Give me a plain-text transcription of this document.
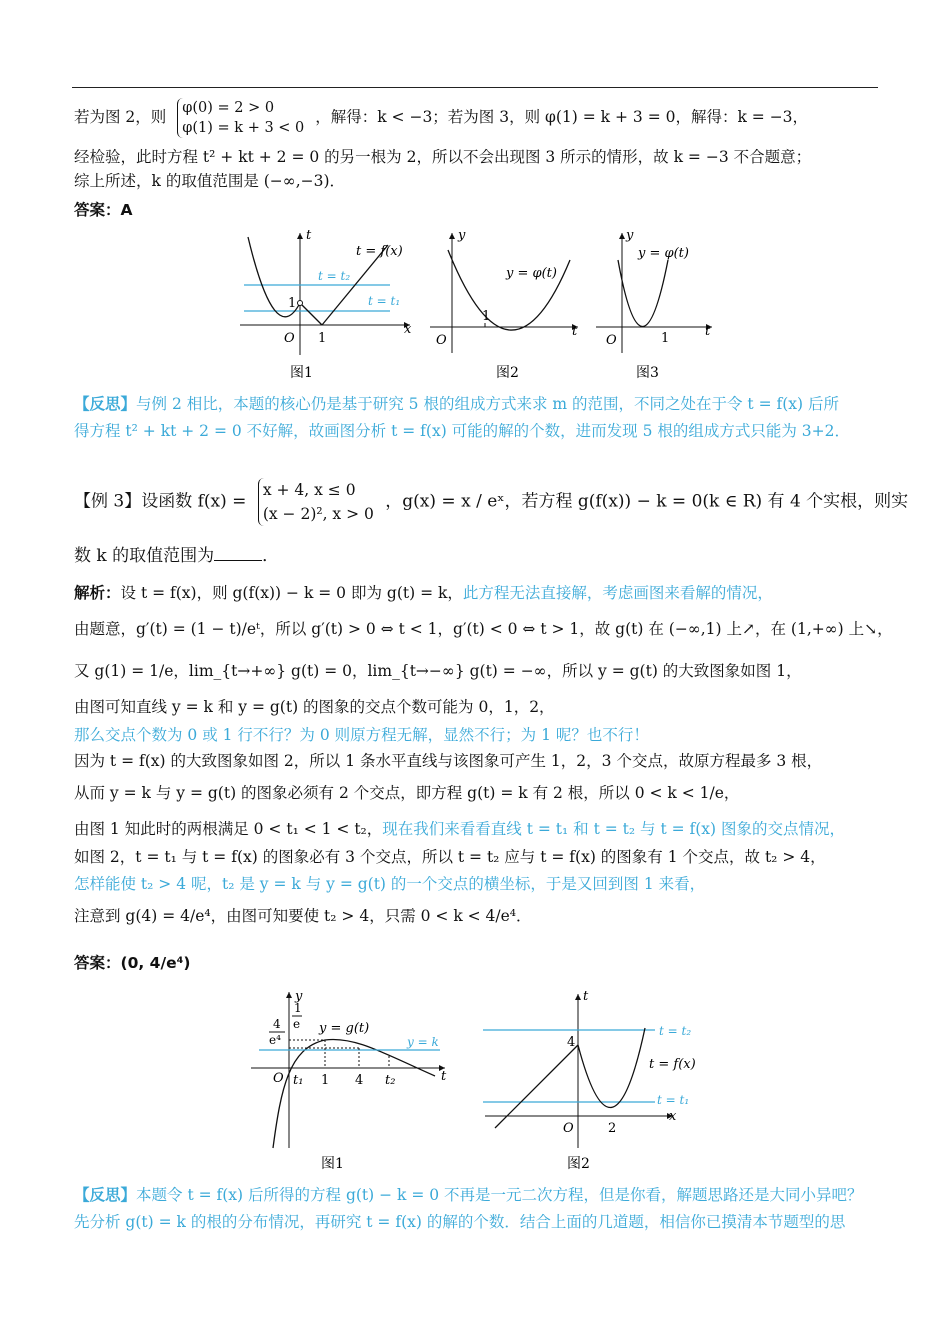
若为图 2，则 φ(0) = 2 > 0
φ(1) = k + 3 < 0
，解得：k < −3；若为图 3，则 φ(1) = k + 3 = 0，解得：k = −3，
经检验，此时方程 t² + kt + 2 = 0 的另一根为 2，所以不会出现图 3 所示的情形，故 k = −3 不合题意；
综上所述，k 的取值范围是 (−∞,−3)．
答案：A
t
x
O 1
1
t = f(x)
t = t₂
t = t₁
图1
y
t
O
1
y = φ(t)
图2
y
t
O	1
y = φ(t)
图3
【反思】与例 2 相比，本题的核心仍是基于研究 5 根的组成方式来求 m 的范围，不同之处在于令 t = f(x) 后所
得方程 t² + kt + 2 = 0 不好解，故画图分析 t = f(x) 可能的解的个数，进而发现 5 根的组成方式只能为 3+2．
【例 3】设函数 f(x) =
x + 4, x ≤ 0
(x − 2)², x > 0
，g(x) = x / eˣ，若方程 g(f(x)) − k = 0(k ∈ R) 有 4 个实根，则实
数 k 的取值范围为	．
解析：设 t = f(x)，则 g(f(x)) − k = 0 即为 g(t) = k，此方程无法直接解，考虑画图来看解的情况，
由题意，g′(t) = (1 − t)/eᵗ，所以 g′(t) > 0 ⇔ t < 1，g′(t) < 0 ⇔ t > 1，故 g(t) 在 (−∞,1) 上↗，在 (1,+∞) 上↘，
又 g(1) = 1/e，lim_{t→+∞} g(t) = 0，lim_{t→−∞} g(t) = −∞，所以 y = g(t) 的大致图象如图 1，
由图可知直线 y = k 和 y = g(t) 的图象的交点个数可能为 0，1，2，
那么交点个数为 0 或 1 行不行？为 0 则原方程无解，显然不行；为 1 呢？也不行！
因为 t = f(x) 的大致图象如图 2，所以 1 条水平直线与该图象可产生 1，2，3 个交点，故原方程最多 3 根，
从而 y = k 与 y = g(t) 的图象必须有 2 个交点，即方程 g(t) = k 有 2 根，所以 0 < k < 1/e，
由图 1 知此时的两根满足 0 < t₁ < 1 < t₂，现在我们来看看直线 t = t₁ 和 t = t₂ 与 t = f(x) 图象的交点情况，
如图 2，t = t₁ 与 t = f(x) 的图象必有 3 个交点，所以 t = t₂ 应与 t = f(x) 的图象有 1 个交点，故 t₂ > 4，
怎样能使 t₂ > 4 呢，t₂ 是 y = k 与 y = g(t) 的一个交点的横坐标，于是又回到图 1 来看，
注意到 g(4) = 4/e⁴，由图可知要使 t₂ > 4，只需 0 < k < 4/e⁴．
答案：(0, 4/e⁴)
y
t
O t₁ 1 4 t₂
y = g(t)
y = k
4
e⁴
1
e
图1
t
x
O
4
2
t = f(x)
t = t₂
t = t₁
图2
【反思】本题令 t = f(x) 后所得的方程 g(t) − k = 0 不再是一元二次方程，但是你看，解题思路还是大同小异吧？
先分析 g(t) = k 的根的分布情况，再研究 t = f(x) 的解的个数．结合上面的几道题，相信你已摸清本节题型的思
